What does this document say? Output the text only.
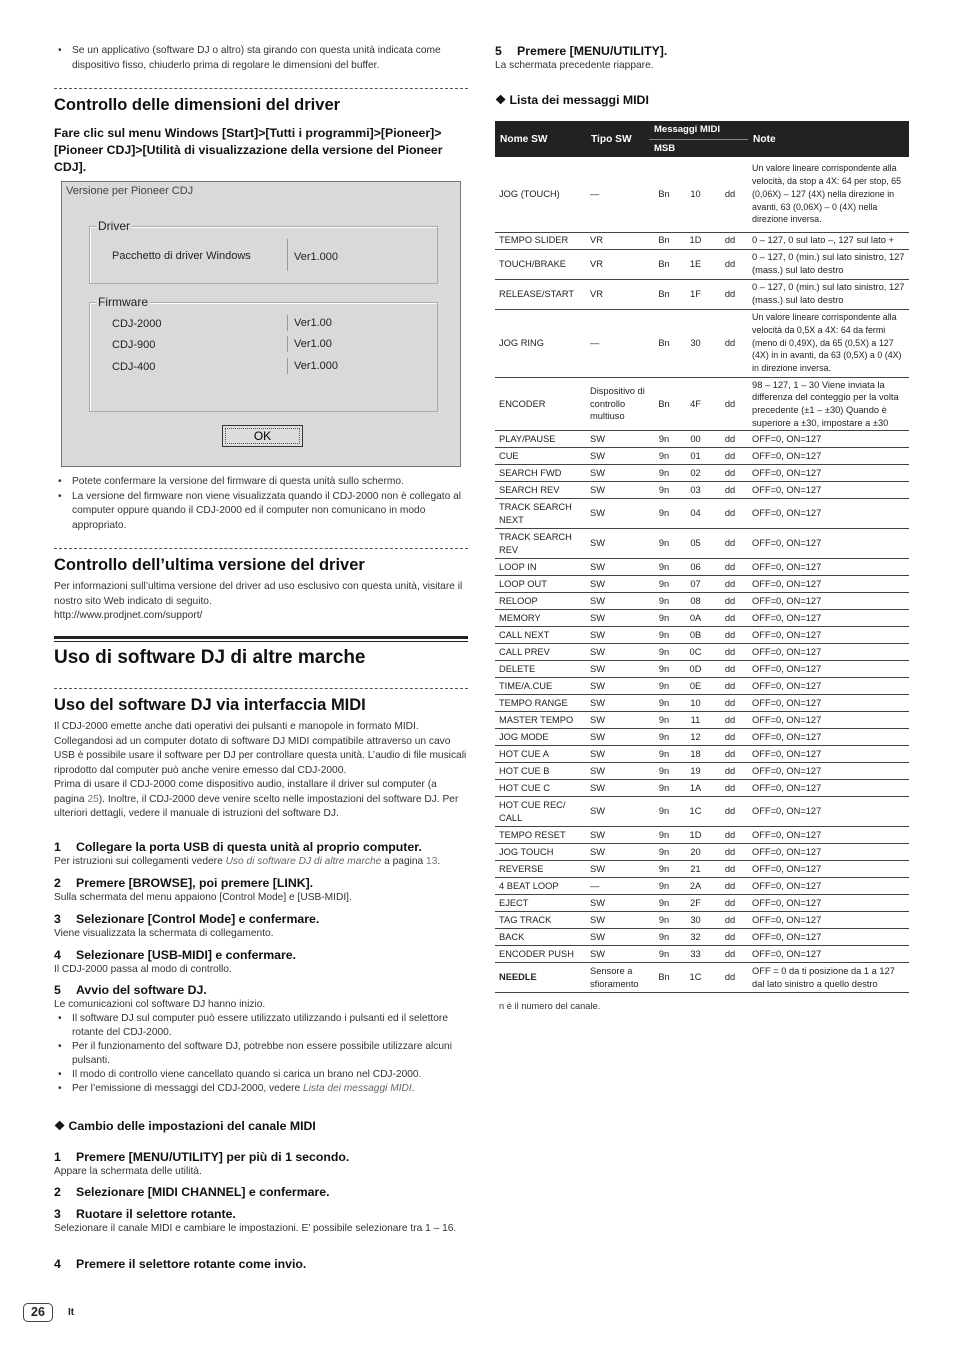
• Se un applicativo (software DJ o altro) sta girando con questa unità indicata come dispositivo fisso, chiuderlo prima di regolare le dimensioni del buffer.
Controllo delle dimensioni del driver
Fare clic sul menu Windows [Start]>[Tutti i programmi]>[Pioneer]>[Pioneer CDJ]>[Utilità di visualizzazione della versione del Pioneer CDJ].
Controllo dell’ultima versione del driver
Per informazioni sull’ultima versione del driver ad uso esclusivo con questa unità, visitare il nostro sito Web indicato di seguito.
http://www.prodjnet.com/support/
Uso di software DJ di altre marche
Uso del software DJ via interfaccia MIDI
Il CDJ-2000 emette anche dati operativi dei pulsanti e manopole in formato MIDI. Collegandosi ad un computer dotato di software DJ MIDI compatibile attraverso un cavo USB è possibile usare il software per DJ per controllare questa unità. L’audio di file musicali riprodotto dal computer può anche venire emesso dal CDJ-2000.
Prima di usare il CDJ-2000 come dispositivo audio, installare il driver sul computer (a pagina 25). Inoltre, il CDJ-2000 deve venire scelto nelle impostazioni del software DJ. Per ulteriori dettagli, vedere il manuale di istruzioni del software DJ.
1 Collegare la porta USB di questa unità al proprio computer.
Per istruzioni sui collegamenti vedere Uso di software DJ di altre marche a pagina 13.
2 Premere [BROWSE], poi premere [LINK].
Sulla schermata del menu appaiono [Control Mode] e [USB-MIDI].
3 Selezionare [Control Mode] e confermare.
Viene visualizzata la schermata di collegamento.
4 Selezionare [USB-MIDI] e confermare.
Il CDJ-2000 passa al modo di controllo.
5 Avvio del software DJ.
Le comunicazioni col software DJ hanno inizio.
• Il software DJ sul computer può essere utilizzato utilizzando i pulsanti ed il selettore rotante del CDJ-2000.
• Per il funzionamento del software DJ, potrebbe non essere possibile utilizzare alcuni pulsanti.
• Il modo di controllo viene cancellato quando si carica un brano nel CDJ-2000.
• Per l’emissione di messaggi del CDJ-2000, vedere Lista dei messaggi MIDI.
❖ Cambio delle impostazioni del canale MIDI
1 Premere [MENU/UTILITY] per più di 1 secondo.
Appare la schermata delle utilità.
2 Selezionare [MIDI CHANNEL] e confermare.
3 Ruotare il selettore rotante.
Selezionare il canale MIDI e cambiare le impostazioni. E’ possibile selezionare tra 1 – 16.
4 Premere il selettore rotante come invio.
Versione per Pioneer CDJ
Driver
Pacchetto di driver Windows	Ver1.000
Firmware
CDJ-2000	Ver1.00
CDJ-900	Ver1.00
CDJ-400	Ver1.000
OK
• Potete confermare la versione del firmware di questa unità sullo schermo.
• La versione del firmware non viene visualizzata quando il CDJ-2000 non è collegato al computer oppure quando il CDJ-2000 ed il computer non comunicano in modo appropriato.
5 Premere [MENU/UTILITY].
La schermata precedente riappare.
❖ Lista dei messaggi MIDI
Nome SW	Tipo SW	Messaggi MIDI			Note
		MSB			
JOG (TOUCH)	—	Bn	10	dd	Un valore lineare corrispondente alla velocità, da stop a 4X: 64 per stop, 65 (0,06X) – 127 (4X) nella direzione in avanti, 63 (0,06X) – 0 (4X) nella direzione inversa.
TEMPO SLIDER	VR	Bn	1D	dd	0 – 127, 0 sul lato –, 127 sul lato +
TOUCH/BRAKE	VR	Bn	1E	dd	0 – 127, 0 (min.) sul lato sinistro, 127 (mass.) sul lato destro
RELEASE/START	VR	Bn	1F	dd	0 – 127, 0 (min.) sul lato sinistro, 127 (mass.) sul lato destro
JOG RING	—	Bn	30	dd	Un valore lineare corrispondente alla velocità da 0,5X a 4X: 64 da fermi (meno di 0,49X), da 65 (0,5X) a 127 (4X) in in avanti, da 63 (0,5X) a 0 (4X) in direzione inversa.
ENCODER	Dispositivo di controllo multiuso	Bn	4F	dd	98 – 127, 1 – 30 Viene inviata la differenza del conteggio per la volta precedente (±1 – ±30) Quando è superiore a ±30, impostare a ±30
PLAY/PAUSE	SW	9n	00	dd	OFF=0, ON=127
CUE	SW	9n	01	dd	OFF=0, ON=127
SEARCH FWD	SW	9n	02	dd	OFF=0, ON=127
SEARCH REV	SW	9n	03	dd	OFF=0, ON=127
TRACK SEARCH NEXT	SW	9n	04	dd	OFF=0, ON=127
TRACK SEARCH REV	SW	9n	05	dd	OFF=0, ON=127
LOOP IN	SW	9n	06	dd	OFF=0, ON=127
LOOP OUT	SW	9n	07	dd	OFF=0, ON=127
RELOOP	SW	9n	08	dd	OFF=0, ON=127
MEMORY	SW	9n	0A	dd	OFF=0, ON=127
CALL NEXT	SW	9n	0B	dd	OFF=0, ON=127
CALL PREV	SW	9n	0C	dd	OFF=0, ON=127
DELETE	SW	9n	0D	dd	OFF=0, ON=127
TIME/A.CUE	SW	9n	0E	dd	OFF=0, ON=127
TEMPO RANGE	SW	9n	10	dd	OFF=0, ON=127
MASTER TEMPO	SW	9n	11	dd	OFF=0, ON=127
JOG MODE	SW	9n	12	dd	OFF=0, ON=127
HOT CUE A	SW	9n	18	dd	OFF=0, ON=127
HOT CUE B	SW	9n	19	dd	OFF=0, ON=127
HOT CUE C	SW	9n	1A	dd	OFF=0, ON=127
HOT CUE REC/ CALL	SW	9n	1C	dd	OFF=0, ON=127
TEMPO RESET	SW	9n	1D	dd	OFF=0, ON=127
JOG TOUCH	SW	9n	20	dd	OFF=0, ON=127
REVERSE	SW	9n	21	dd	OFF=0, ON=127
4 BEAT LOOP	—	9n	2A	dd	OFF=0, ON=127
EJECT	SW	9n	2F	dd	OFF=0, ON=127
TAG TRACK	SW	9n	30	dd	OFF=0, ON=127
BACK	SW	9n	32	dd	OFF=0, ON=127
ENCODER PUSH	SW	9n	33	dd	OFF=0, ON=127
NEEDLE	Sensore a sfioramento	Bn	1C	dd	OFF = 0 da ti posizione da 1 a 127 dal lato sinistro a quello destro
n è il numero del canale.
26	It
